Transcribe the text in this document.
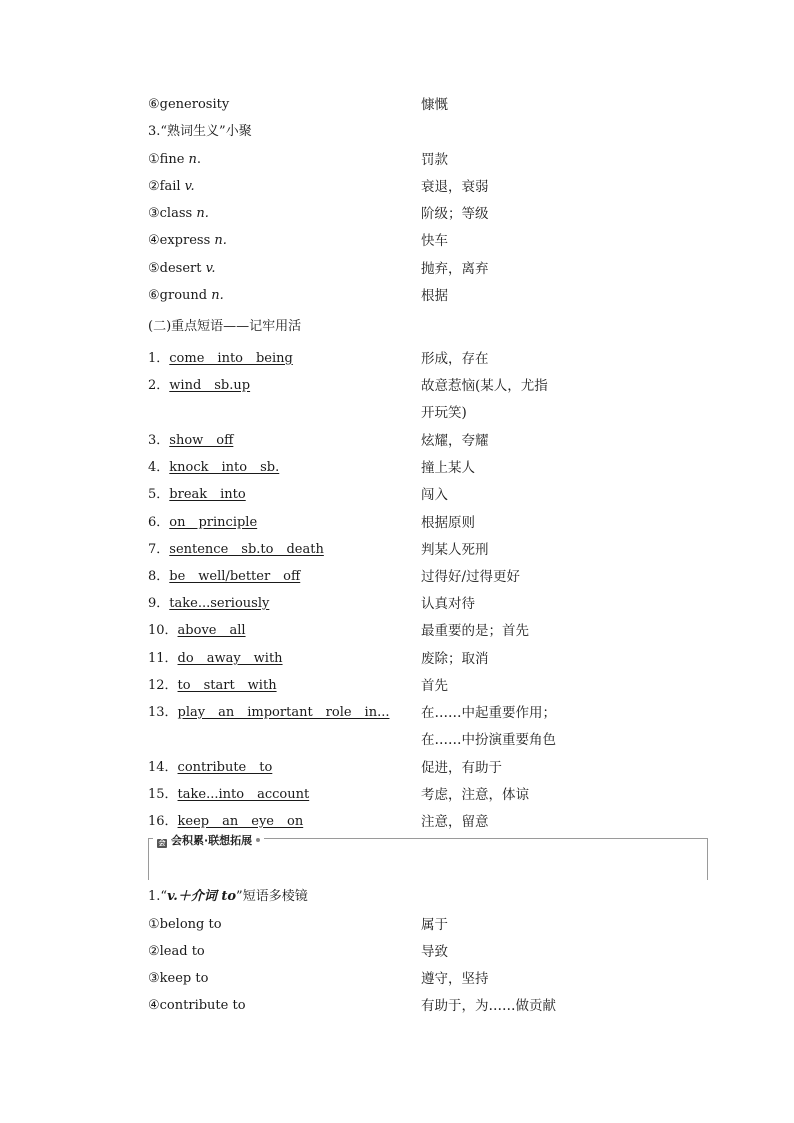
⑥generosity	慷慨
3.“熟词生义”小聚
①fine n.	罚款
②fail v.	衰退，衰弱
③class n.	阶级；等级
④express n.	快车
⑤desert v.	抛弃，离弃
⑥ground n.	根据
(二)重点短语——记牢用活
1．come　into　being	形成，存在
2．wind　sb.up	故意惹恼(某人，尤指
开玩笑)
3．show　off	炫耀，夸耀
4．knock　into　sb.	撞上某人
5．break　into	闯入
6．on　principle	根据原则
7．sentence　sb.to　death	判某人死刑
8．be　well/better　off	过得好/过得更好
9．take...seriously	认真对待
10．above　all	最重要的是；首先
11．do　away　with	废除；取消
12．to　start　with	首先
13．play　an　important　role　in... 在……中起重要作用；
在……中扮演重要角色
14．contribute　to	促进，有助于
15．take...into　account	考虑，注意，体谅
16．keep　an　eye　on	注意，留意
会 会积累·联想拓展
1.“v.＋介词 to”短语多棱镜
①belong to	属于
②lead to	导致
③keep to	遵守，坚持
④contribute to	有助于，为……做贡献
